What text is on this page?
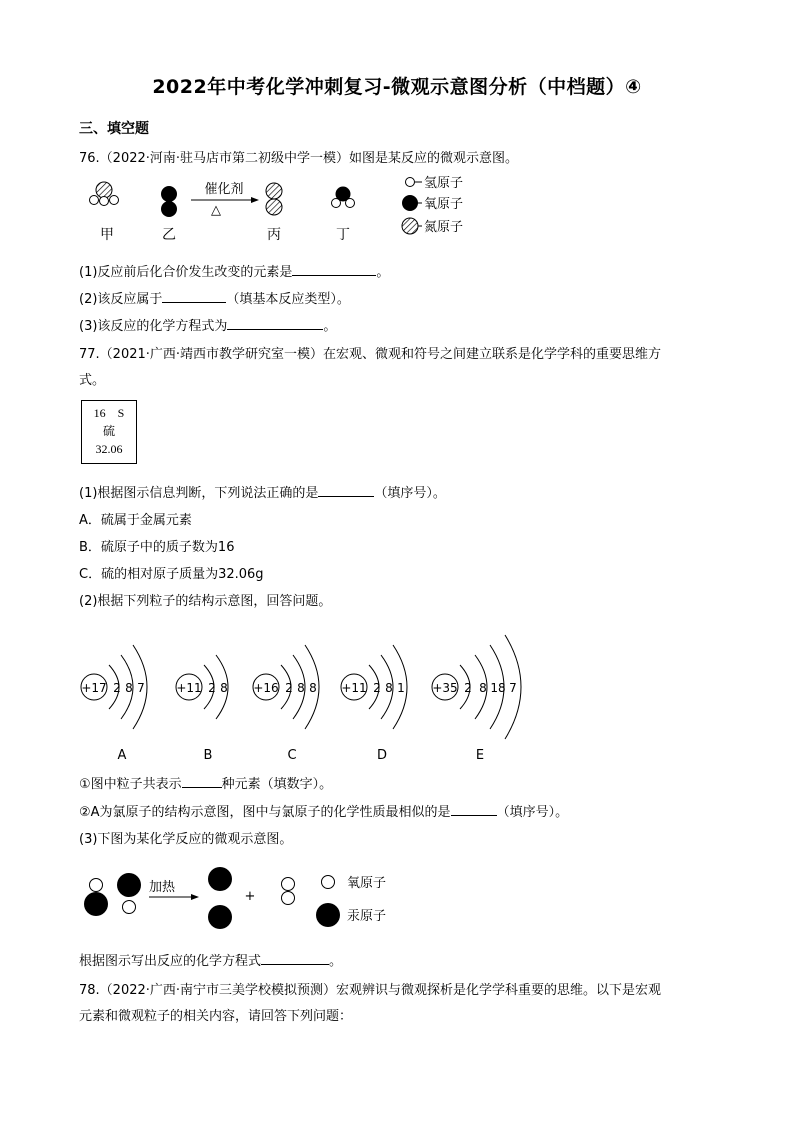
2022年中考化学冲刺复习-微观示意图分析（中档题）④
三、填空题
76.（2022·河南·驻马店市第二初级中学一模）如图是某反应的微观示意图。
催化剂
△
甲	乙	丙	丁
氢原子
氧原子
氮原子
(1)反应前后化合价发生改变的元素是	。
(2)该反应属于	（填基本反应类型）。
(3)该反应的化学方程式为	。
77.（2021·广西·靖西市教学研究室一模）在宏观、微观和符号之间建立联系是化学学科的重要思维方
式。
16 S
硫
32.06
(1)根据图示信息判断，下列说法正确的是	（填序号）。
A．硫属于金属元素
B．硫原子中的质子数为16
C．硫的相对原子质量为32.06g
(2)根据下列粒子的结构示意图，回答问题。
+17 2 8 7
A
+11 2 8
B
+16 2 8 8
C
+11 2 8 1
D
+35 2 8 18 7
E
①图中粒子共表示	种元素（填数字）。
②A为氯原子的结构示意图，图中与氯原子的化学性质最相似的是	（填序号）。
(3)下图为某化学反应的微观示意图。
加热
+
氧原子
汞原子
根据图示写出反应的化学方程式	。
78.（2022·广西·南宁市三美学校模拟预测）宏观辨识与微观探析是化学学科重要的思维。以下是宏观
元素和微观粒子的相关内容，请回答下列问题：
